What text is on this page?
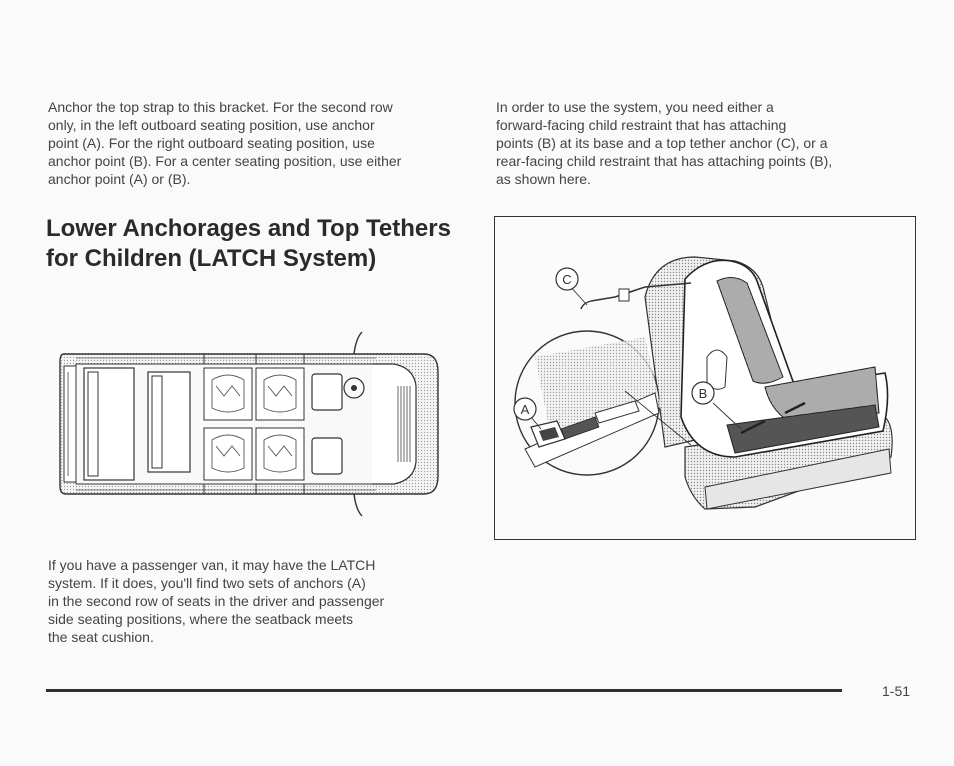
Anchor the top strap to this bracket. For the second row
only, in the left outboard seating position, use anchor
point (A). For the right outboard seating position, use
anchor point (B). For a center seating position, use either
anchor point (A) or (B).

Lower Anchorages and Top Tethers
for Children (LATCH System)

In order to use the system, you need either a
forward-facing child restraint that has attaching
points (B) at its base and a top tether anchor (C), or a
rear-facing child restraint that has attaching points (B),
as shown here.

C
B
A

If you have a passenger van, it may have the LATCH
system. If it does, you'll find two sets of anchors (A)
in the second row of seats in the driver and passenger
side seating positions, where the seatback meets
the seat cushion.

1-51
